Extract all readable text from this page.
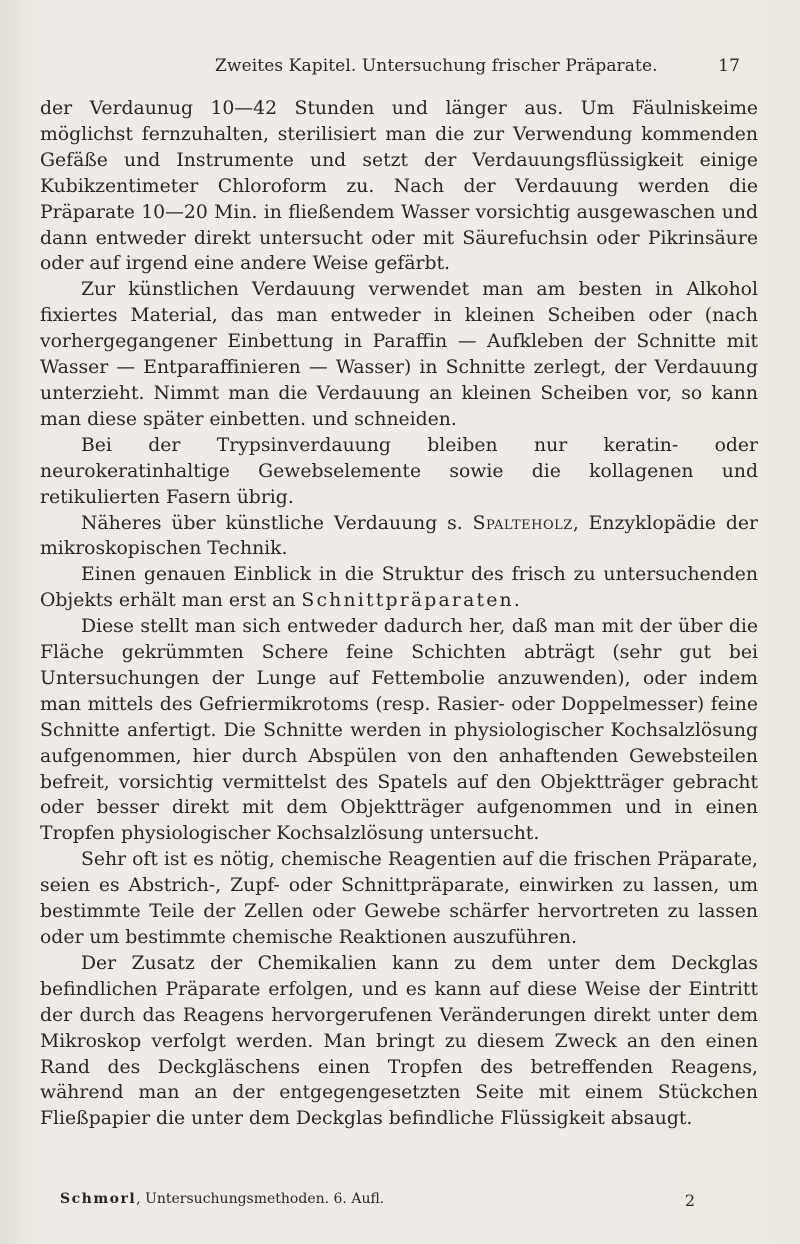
Zweites Kapitel. Untersuchung frischer Präparate.	17

der Verdaunug 10—42 Stunden und länger aus. Um Fäulniskeime möglichst fernzuhalten, sterilisiert man die zur Verwendung kommenden Gefäße und Instrumente und setzt der Verdauungsflüssigkeit einige Kubikzentimeter Chloroform zu. Nach der Verdauung werden die Präparate 10—20 Min. in fließendem Wasser vorsichtig ausgewaschen und dann entweder direkt untersucht oder mit Säurefuchsin oder Pikrinsäure oder auf irgend eine andere Weise gefärbt.

Zur künstlichen Verdauung verwendet man am besten in Alkohol fixiertes Material, das man entweder in kleinen Scheiben oder (nach vorhergegangener Einbettung in Paraffin — Aufkleben der Schnitte mit Wasser — Entparaffinieren — Wasser) in Schnitte zerlegt, der Verdauung unterzieht. Nimmt man die Verdauung an kleinen Scheiben vor, so kann man diese später einbetten. und schneiden.

Bei der Trypsinverdauung bleiben nur keratin- oder neurokeratinhaltige Gewebselemente sowie die kollagenen und retikulierten Fasern übrig.

Näheres über künstliche Verdauung s. Spalteholz, Enzyklopädie der mikroskopischen Technik.

Einen genauen Einblick in die Struktur des frisch zu untersuchenden Objekts erhält man erst an Schnittpräparaten.

Diese stellt man sich entweder dadurch her, daß man mit der über die Fläche gekrümmten Schere feine Schichten abträgt (sehr gut bei Untersuchungen der Lunge auf Fettembolie anzuwenden), oder indem man mittels des Gefriermikrotoms (resp. Rasier- oder Doppelmesser) feine Schnitte anfertigt. Die Schnitte werden in physiologischer Kochsalzlösung aufgenommen, hier durch Abspülen von den anhaftenden Gewebsteilen befreit, vorsichtig vermittelst des Spatels auf den Objektträger gebracht oder besser direkt mit dem Objektträger aufgenommen und in einen Tropfen physiologischer Kochsalzlösung untersucht.

Sehr oft ist es nötig, chemische Reagentien auf die frischen Präparate, seien es Abstrich-, Zupf- oder Schnittpräparate, einwirken zu lassen, um bestimmte Teile der Zellen oder Gewebe schärfer hervortreten zu lassen oder um bestimmte chemische Reaktionen auszuführen.

Der Zusatz der Chemikalien kann zu dem unter dem Deckglas befindlichen Präparate erfolgen, und es kann auf diese Weise der Eintritt der durch das Reagens hervorgerufenen Veränderungen direkt unter dem Mikroskop verfolgt werden. Man bringt zu diesem Zweck an den einen Rand des Deckgläschens einen Tropfen des betreffenden Reagens, während man an der entgegengesetzten Seite mit einem Stückchen Fließpapier die unter dem Deckglas befindliche Flüssigkeit absaugt.

Schmorl, Untersuchungsmethoden. 6. Aufl.	2
